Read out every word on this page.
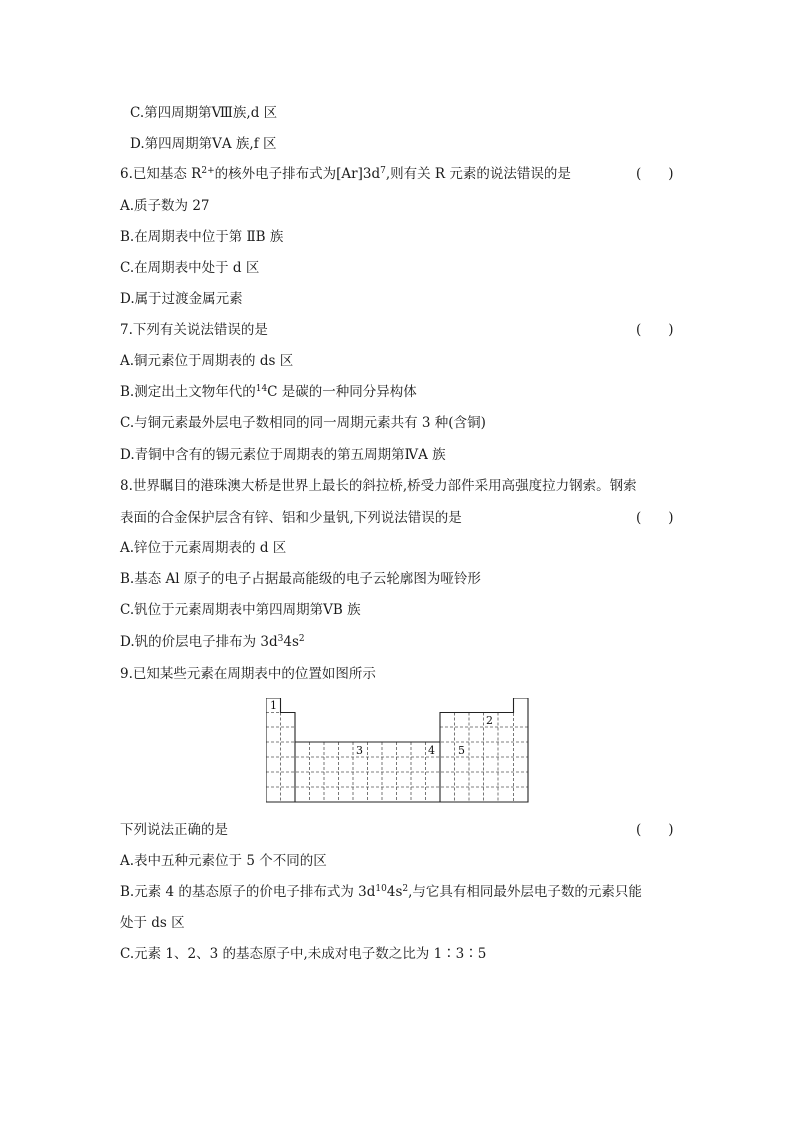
C.第四周期第Ⅷ族,d 区
D.第四周期第ⅤA 族,f 区
6.已知基态 $R^{2+}$的核外电子排布式为$[Ar]3d^7$,则有关 R 元素的说法错误的是	(　　)
A.质子数为 27
B.在周期表中位于第 ⅡB 族
C.在周期表中处于 d 区
D.属于过渡金属元素
7.下列有关说法错误的是	(　　)
A.铜元素位于周期表的 ds 区
B.测定出土文物年代的$^{14}$C 是碳的一种同分异构体
C.与铜元素最外层电子数相同的同一周期元素共有 3 种(含铜)
D.青铜中含有的锡元素位于周期表的第五周期第ⅣA 族
8.世界瞩目的港珠澳大桥是世界上最长的斜拉桥,桥受力部件采用高强度拉力钢索。钢索
表面的合金保护层含有锌、铝和少量钒,下列说法错误的是	(　　)
A.锌位于元素周期表的 d 区
B.基态 Al 原子的电子占据最高能级的电子云轮廓图为哑铃形
C.钒位于元素周期表中第四周期第ⅤB 族
D.钒的价层电子排布为 $3d^34s^2$
9.已知某些元素在周期表中的位置如图所示
1
2
3	4 5
下列说法正确的是	(　　)
A.表中五种元素位于 5 个不同的区
B.元素 4 的基态原子的价电子排布式为 $3d^{10}4s^2$,与它具有相同最外层电子数的元素只能
处于 ds 区
C.元素 1、2、3 的基态原子中,未成对电子数之比为 1∶3∶5
